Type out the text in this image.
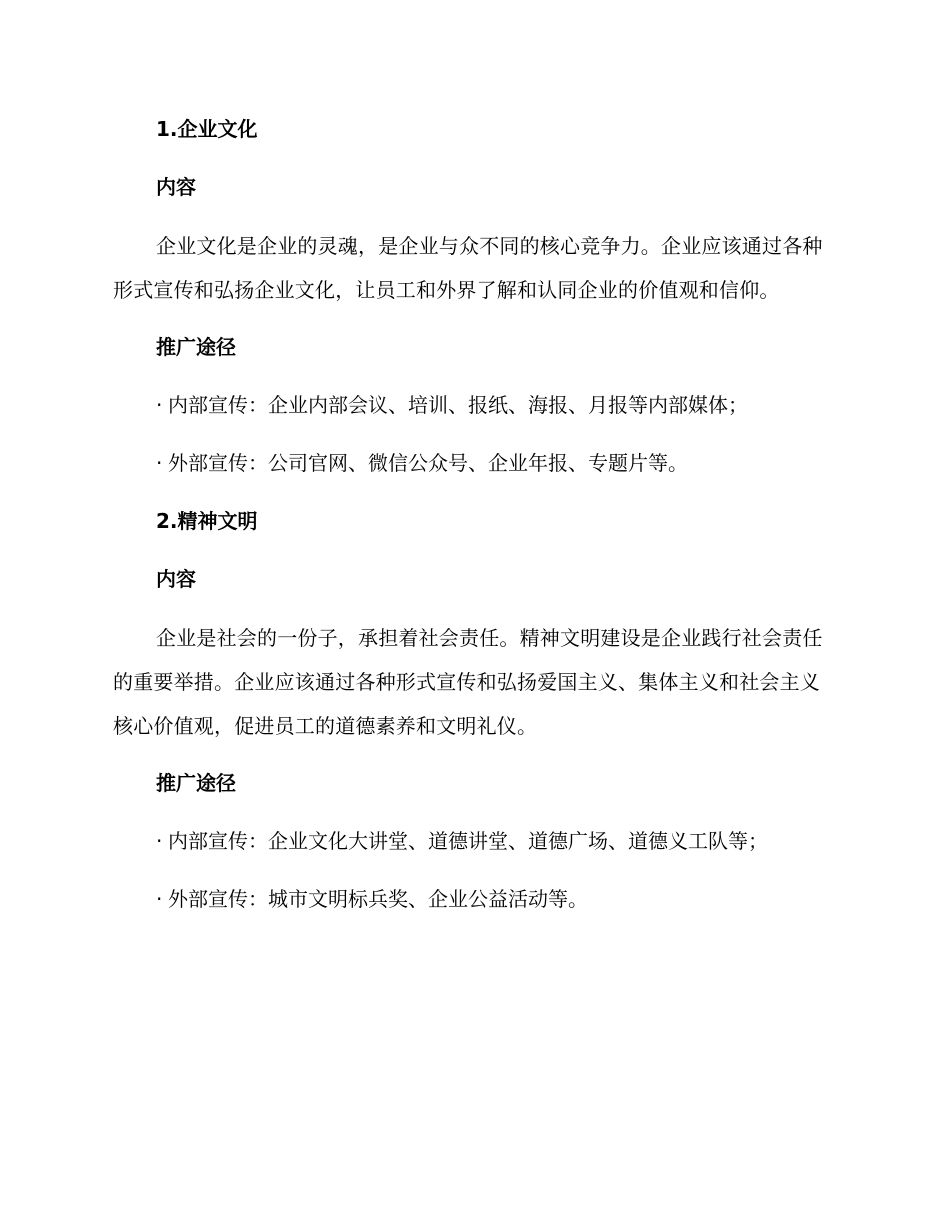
1.企业文化
内容

企业文化是企业的灵魂，是企业与众不同的核心竞争力。企业应该通过各种形式宣传和弘扬企业文化，让员工和外界了解和认同企业的价值观和信仰。

推广途径
· 内部宣传：企业内部会议、培训、报纸、海报、月报等内部媒体；
· 外部宣传：公司官网、微信公众号、企业年报、专题片等。
2.精神文明
内容

企业是社会的一份子，承担着社会责任。精神文明建设是企业践行社会责任的重要举措。企业应该通过各种形式宣传和弘扬爱国主义、集体主义和社会主义核心价值观，促进员工的道德素养和文明礼仪。

推广途径
· 内部宣传：企业文化大讲堂、道德讲堂、道德广场、道德义工队等；
· 外部宣传：城市文明标兵奖、企业公益活动等。
